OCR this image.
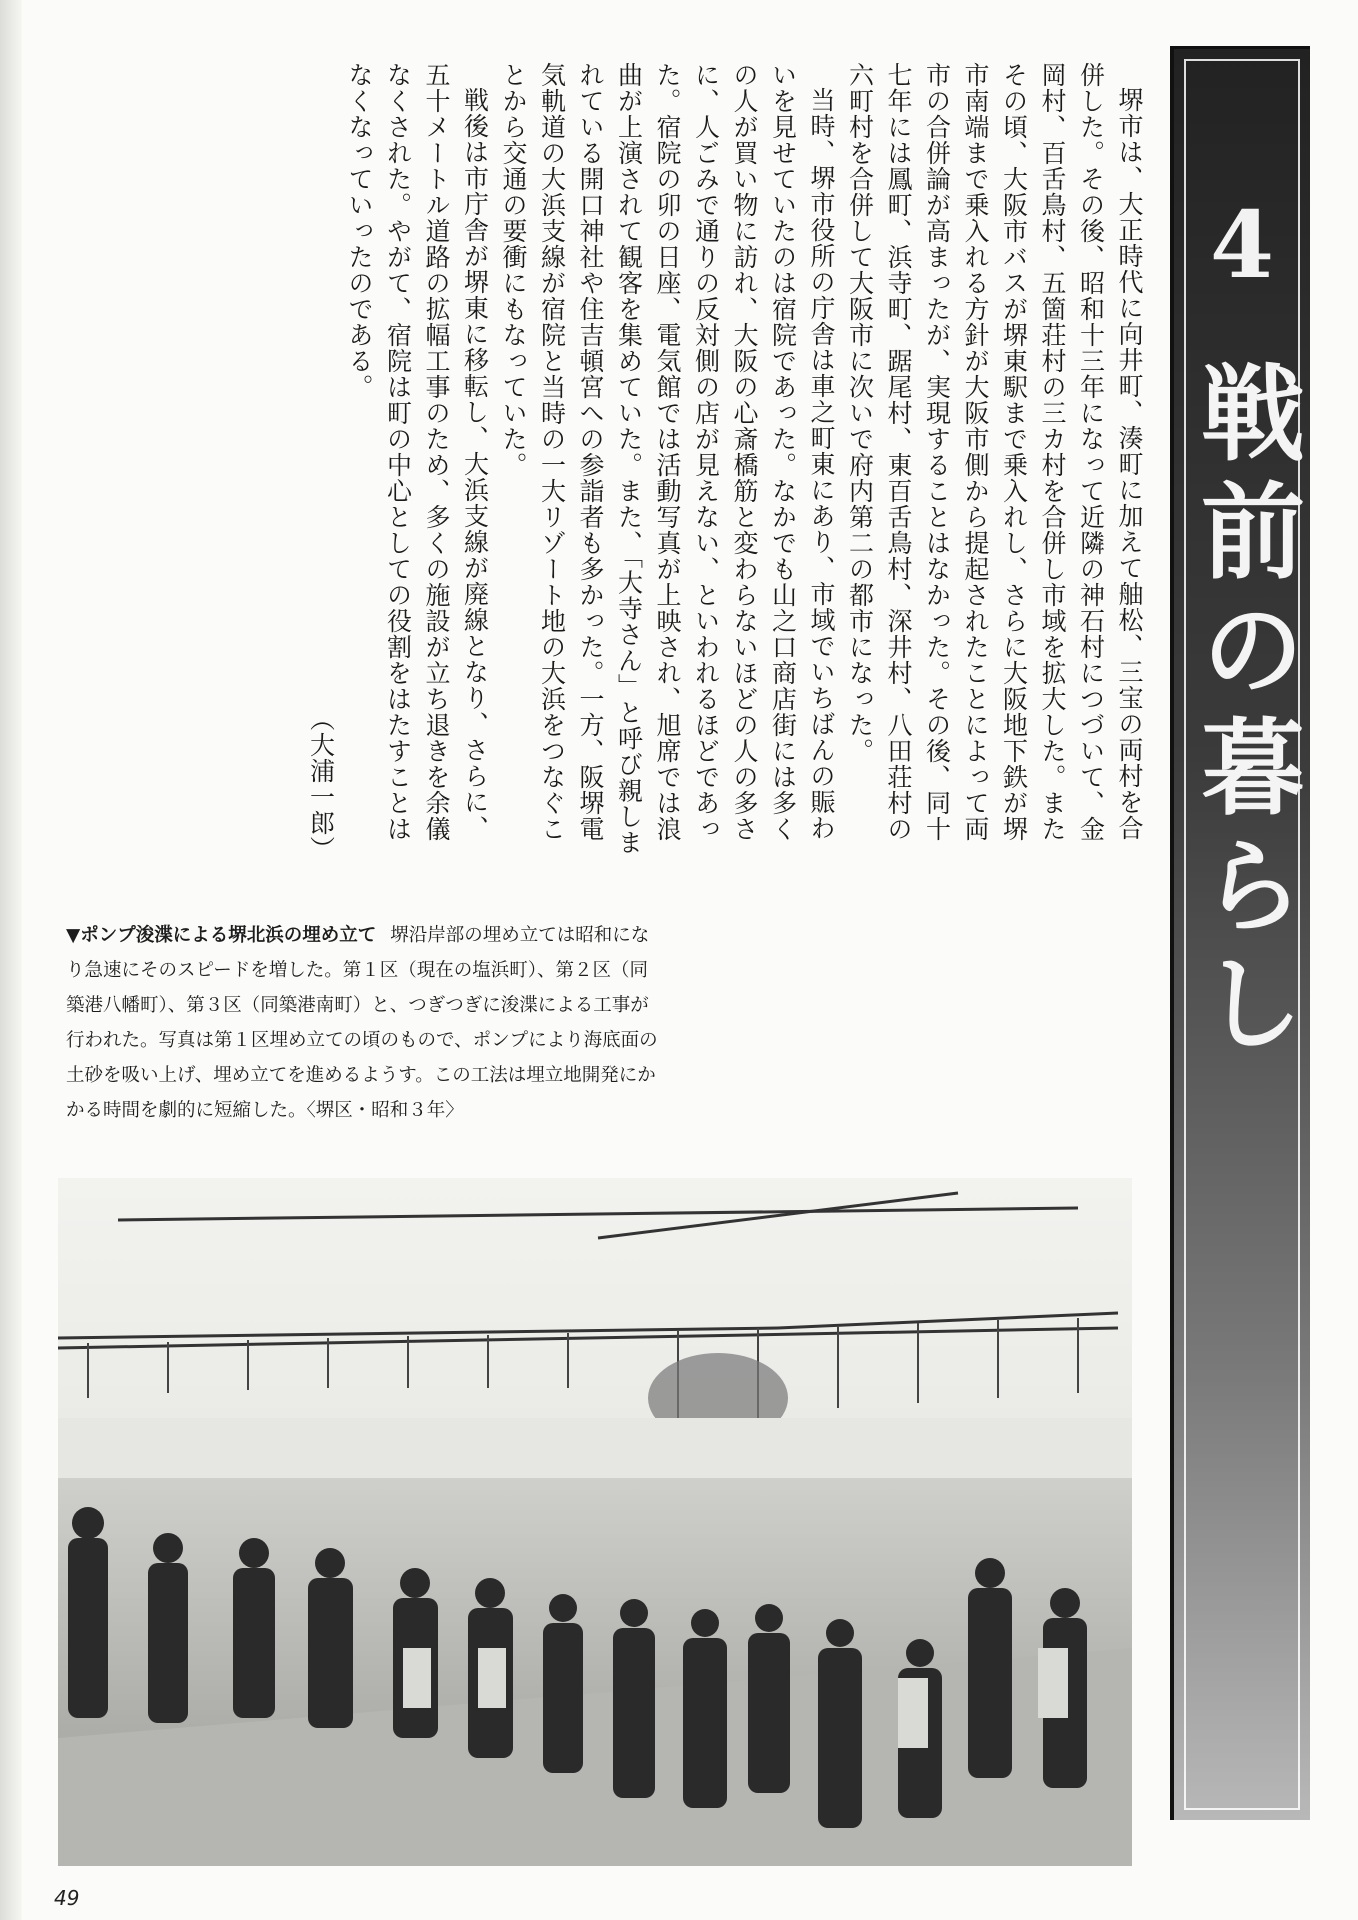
4
戦前の暮らし

堺市は、大正時代に向井町、湊町に加えて舳松、三宝の両村を合併した。その後、昭和十三年になって近隣の神石村につづいて、金岡村、百舌鳥村、五箇荘村の三カ村を合併し市域を拡大した。またその頃、大阪市バスが堺東駅まで乗入れし、さらに大阪地下鉄が堺市南端まで乗入れる方針が大阪市側から提起されたことによって両市の合併論が高まったが、実現することはなかった。その後、同十七年には鳳町、浜寺町、踞尾村、東百舌鳥村、深井村、八田荘村の六町村を合併して大阪市に次いで府内第二の都市になった。

当時、堺市役所の庁舎は車之町東にあり、市域でいちばんの賑わいを見せていたのは宿院であった。なかでも山之口商店街には多くの人が買い物に訪れ、大阪の心斎橋筋と変わらないほどの人の多さに、人ごみで通りの反対側の店が見えない、といわれるほどであった。宿院の卯の日座、電気館では活動写真が上映され、旭席では浪曲が上演されて観客を集めていた。また、「大寺さん」と呼び親しまれている開口神社や住吉頓宮への参詣者も多かった。一方、阪堺電気軌道の大浜支線が宿院と当時の一大リゾート地の大浜をつなぐことから交通の要衝にもなっていた。

戦後は市庁舎が堺東に移転し、大浜支線が廃線となり、さらに、五十メートル道路の拡幅工事のため、多くの施設が立ち退きを余儀なくされた。やがて、宿院は町の中心としての役割をはたすことはなくなっていったのである。

（大浦一郎）

▼ポンプ浚渫による堺北浜の埋め立て 堺沿岸部の埋め立ては昭和になり急速にそのスピードを増した。第１区（現在の塩浜町）、第２区（同築港八幡町）、第３区（同築港南町）と、つぎつぎに浚渫による工事が行われた。写真は第１区埋め立ての頃のもので、ポンプにより海底面の土砂を吸い上げ、埋め立てを進めるようす。この工法は埋立地開発にかかる時間を劇的に短縮した。〈堺区・昭和３年〉
49
